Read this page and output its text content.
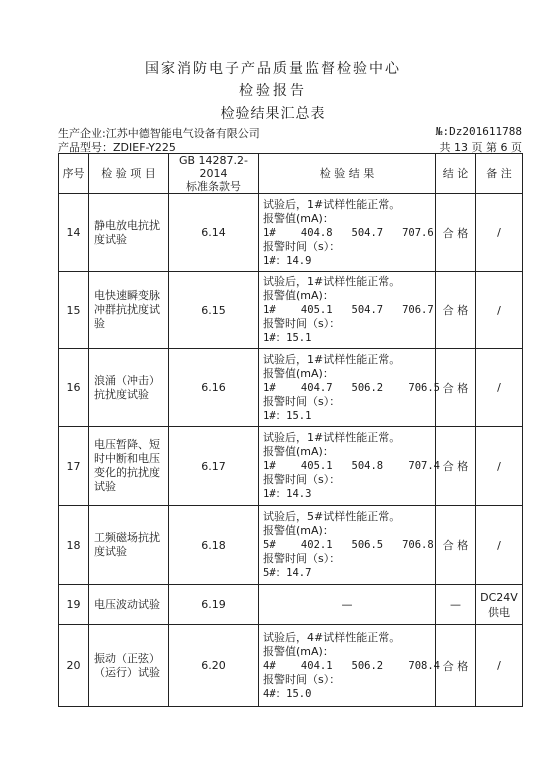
国家消防电子产品质量监督检验中心
检验报告
检验结果汇总表
生产企业:江苏中德智能电气设备有限公司	№:Dz201611788
产品型号：ZDIEF-Y225	共 13 页 第 6 页
序号	检 验 项 目	GB 14287.2-2014
标准条款号	检 验 结 果	结 论	备 注
14	静电放电抗扰度试验	6.14	试验后，1#试样性能正常。
报警值(mA)：
1#    404.8   504.7   707.6
报警时间（s）：
1#：14.9	合 格	/
15	电快速瞬变脉冲群抗扰度试验	6.15	试验后，1#试样性能正常。
报警值(mA)：
1#    405.1   504.7   706.7
报警时间（s）：
1#：15.1	合 格	/
16	浪涌（冲击）抗扰度试验	6.16	试验后，1#试样性能正常。
报警值(mA)：
1#    404.7   506.2    706.5
报警时间（s）：
1#：15.1	合 格	/
17	电压暂降、短时中断和电压变化的抗扰度试验	6.17	试验后，1#试样性能正常。
报警值(mA)：
1#    405.1   504.8    707.4
报警时间（s）：
1#：14.3	合 格	/
18	工频磁场抗扰度试验	6.18	试验后，5#试样性能正常。
报警值(mA)：
5#    402.1   506.5   706.8
报警时间（s）：
5#：14.7	合 格	/
19	电压波动试验	6.19	—	—	DC24V供电
20	振动（正弦）（运行）试验	6.20	试验后，4#试样性能正常。
报警值(mA)：
4#    404.1   506.2    708.4
报警时间（s）：
4#：15.0	合 格	/
